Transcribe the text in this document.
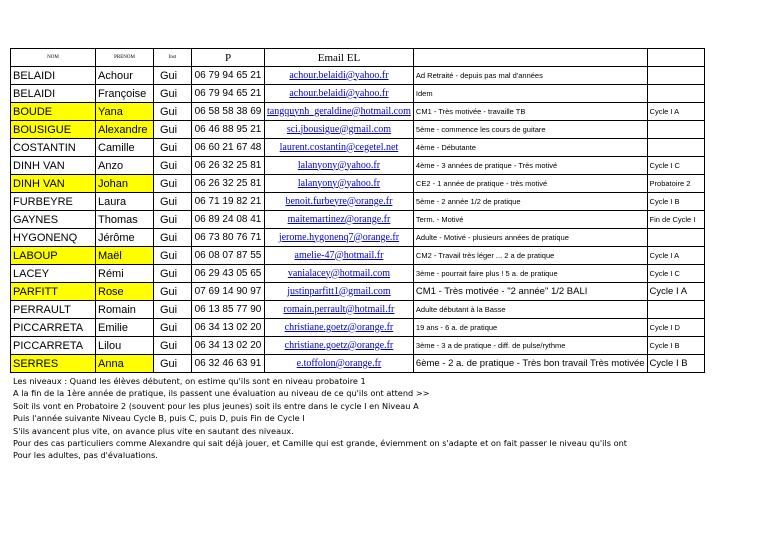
NOM	PRENOM	Inst	P	Email EL		
BELAIDI	Achour	Gui	06 79 94 65 21	achour.belaidi@yahoo.fr	Ad Retraité - depuis pas mal d'années	
BELAIDI	Françoise	Gui	06 79 94 65 21	achour.belaidi@yahoo.fr	Idem	
BOUDE	Yana	Gui	06 58 58 38 69	tangquynh_geraldine@hotmail.com	CM1 - Très motivée - travaille TB	Cycle I A
BOUSIGUE	Alexandre	Gui	06 46 88 95 21	sci.jbousigue@gmail.com	5ème - commence les cours de guitare	
COSTANTIN	Camille	Gui	06 60 21 67 48	laurent.costantin@cegetel.net	4ème - Débutante	
DINH VAN	Anzo	Gui	06 26 32 25 81	lalanyony@yahoo.fr	4ème - 3 années de pratique - Très motivé	Cycle I C
DINH VAN	Johan	Gui	06 26 32 25 81	lalanyony@yahoo.fr	CE2 - 1 année de pratique - très motivé	Probatoire 2
FURBEYRE	Laura	Gui	06 71 19 82 21	benoit.furbeyre@orange.fr	5ème - 2 année 1/2 de pratique	Cycle I B
GAYNES	Thomas	Gui	06 89 24 08 41	maitemartinez@orange.fr	Term. - Motivé	Fin de Cycle I
HYGONENQ	Jérôme	Gui	06 73 80 76 71	jerome.hygonenq7@orange.fr	Adulte - Motivé - plusieurs années de pratique	
LABOUP	Maël	Gui	06 08 07 87 55	amelie-47@hotmail.fr	CM2 - Travail très léger ... 2 a de pratique	Cycle I A
LACEY	Rémi	Gui	06 29 43 05 65	vanialacey@hotmail.com	3ème - pourrait faire plus ! 5 a. de pratique	Cycle I C
PARFITT	Rose	Gui	07 69 14 90 97	justinparfitt1@gmail.com	CM1 - Très motivée - "2 année" 1/2 BALI	Cycle I A
PERRAULT	Romain	Gui	06 13 85 77 90	romain.perrault@hotmail.fr	Adulte débutant à la Basse	
PICCARRETA	Emilie	Gui	06 34 13 02 20	christiane.goetz@orange.fr	19 ans - 6 a. de pratique	Cycle I D
PICCARRETA	Lilou	Gui	06 34 13 02 20	christiane.goetz@orange.fr	3ème - 3 a de pratique - diff. de pulse/rythme	Cycle I B
SERRES	Anna	Gui	06 32 46 63 91	e.toffolon@orange.fr	6ème - 2 a. de pratique - Très bon travail Très motivée	Cycle I B
Les niveaux : Quand les élèves débutent, on estime qu'ils sont en niveau probatoire 1
A la fin de la 1ère année de pratique, ils passent une évaluation au niveau de ce qu'ils ont attend >>
Soit ils vont en Probatoire 2 (souvent pour les plus jeunes) soit ils entre dans le cycle I en Niveau A
Puis l'année suivante Niveau Cycle B, puis C, puis D, puis Fin de Cycle I
S'ils avancent plus vite, on avance plus vite en sautant des niveaux.
Pour des cas particuliers comme Alexandre qui sait déjà jouer, et Camille qui est grande, éviemment on s'adapte et on fait passer le niveau qu'ils ont
Pour les adultes, pas d'évaluations.
